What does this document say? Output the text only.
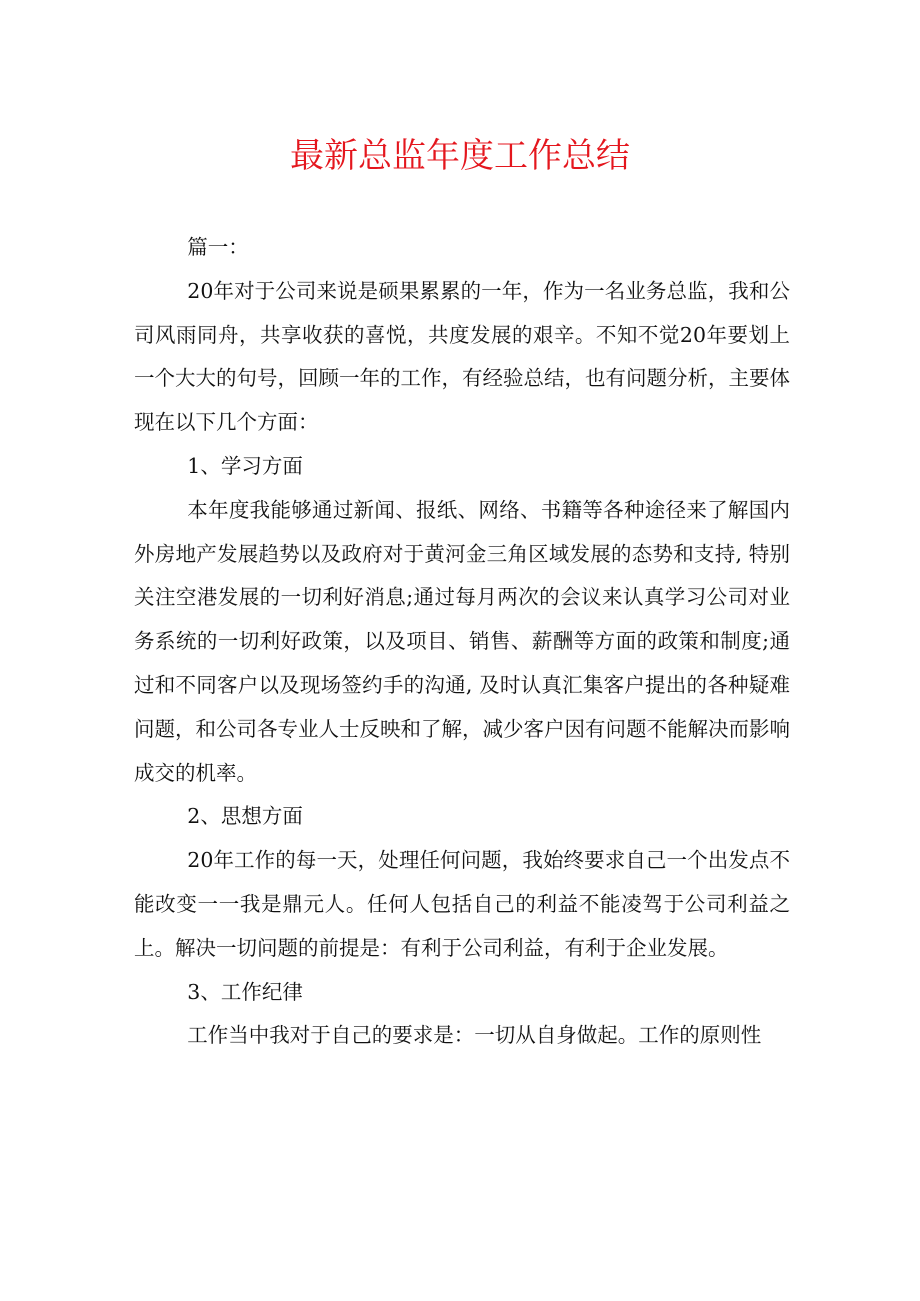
最新总监年度工作总结

篇一：

20年对于公司来说是硕果累累的一年，作为一名业务总监，我和公司风雨同舟，共享收获的喜悦，共度发展的艰辛。不知不觉20年要划上一个大大的句号，回顾一年的工作，有经验总结，也有问题分析，主要体现在以下几个方面：

1、学习方面

本年度我能够通过新闻、报纸、网络、书籍等各种途径来了解国内外房地产发展趋势以及政府对于黄河金三角区域发展的态势和支持, 特别关注空港发展的一切利好消息;通过每月两次的会议来认真学习公司对业务系统的一切利好政策，以及项目、销售、薪酬等方面的政策和制度;通过和不同客户以及现场签约手的沟通, 及时认真汇集客户提出的各种疑难问题，和公司各专业人士反映和了解，减少客户因有问题不能解决而影响成交的机率。

2、思想方面

20年工作的每一天，处理任何问题，我始终要求自己一个出发点不能改变一一我是鼎元人。任何人包括自己的利益不能凌驾于公司利益之上。解决一切问题的前提是：有利于公司利益，有利于企业发展。

3、工作纪律

工作当中我对于自己的要求是：一切从自身做起。工作的原则性
